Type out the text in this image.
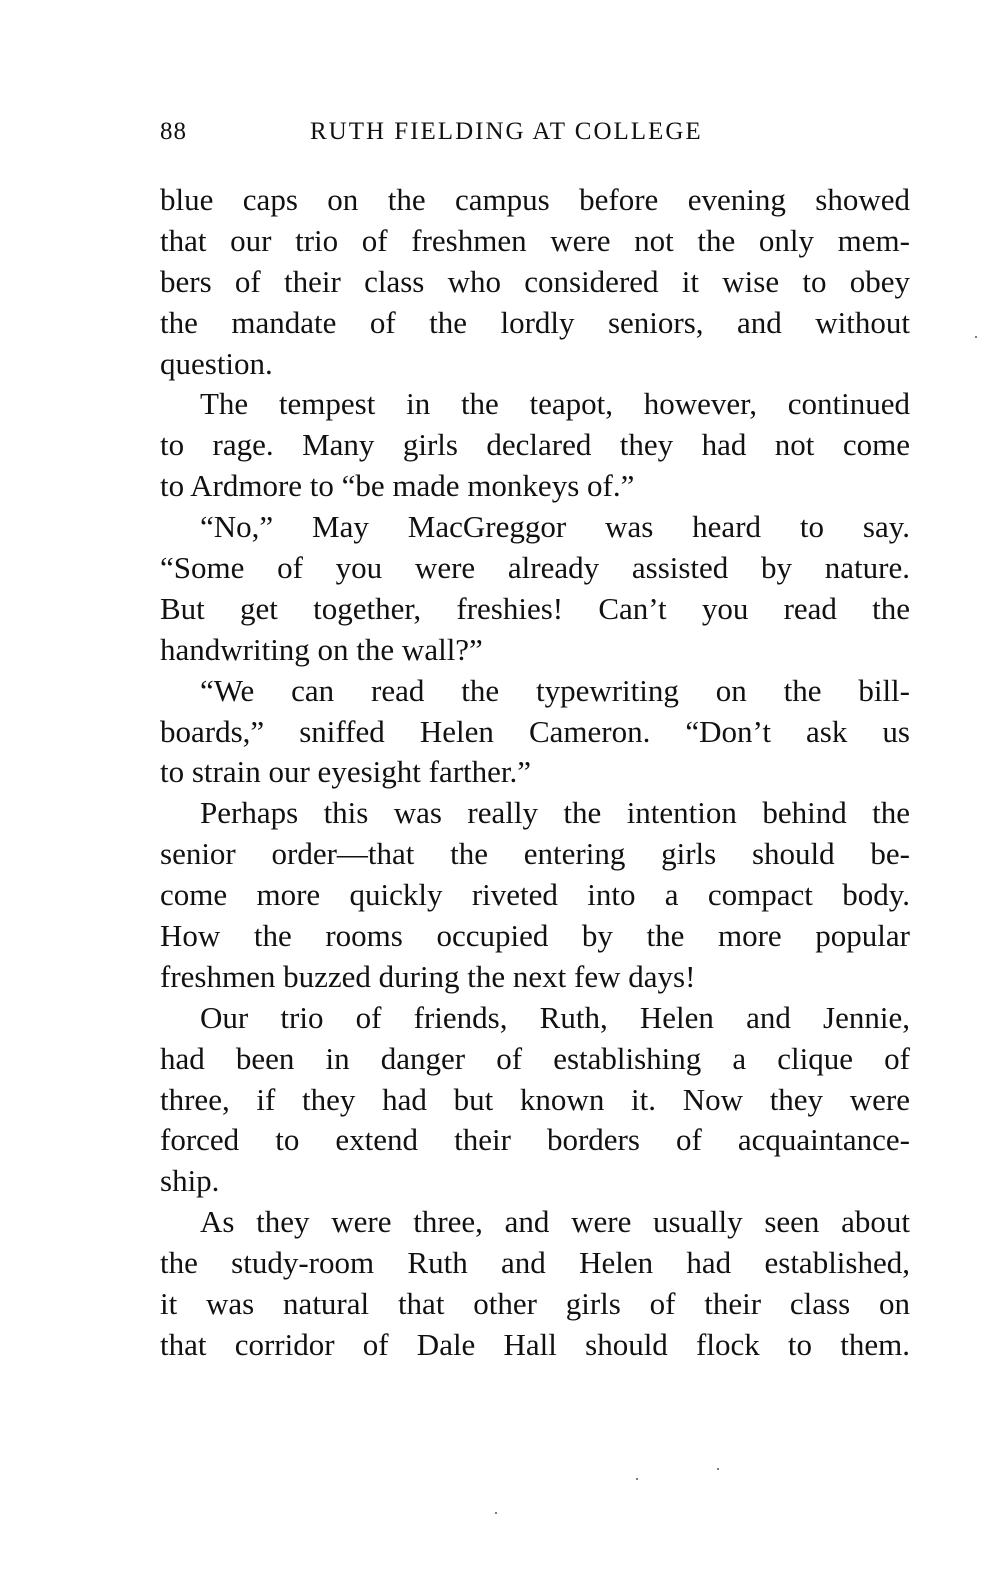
88	RUTH FIELDING AT COLLEGE
blue caps on the campus before evening showed
that our trio of freshmen were not the only mem-
bers of their class who considered it wise to obey
the mandate of the lordly seniors, and without
question.
The tempest in the teapot, however, continued
to rage. Many girls declared they had not come
to Ardmore to “be made monkeys of.”
“No,” May MacGreggor was heard to say.
“Some of you were already assisted by nature.
But get together, freshies! Can’t you read the
handwriting on the wall?”
“We can read the typewriting on the bill-
boards,” sniffed Helen Cameron. “Don’t ask us
to strain our eyesight farther.”
Perhaps this was really the intention behind the
senior order—that the entering girls should be-
come more quickly riveted into a compact body.
How the rooms occupied by the more popular
freshmen buzzed during the next few days!
Our trio of friends, Ruth, Helen and Jennie,
had been in danger of establishing a clique of
three, if they had but known it. Now they were
forced to extend their borders of acquaintance-
ship.
As they were three, and were usually seen about
the study-room Ruth and Helen had established,
it was natural that other girls of their class on
that corridor of Dale Hall should flock to them.
